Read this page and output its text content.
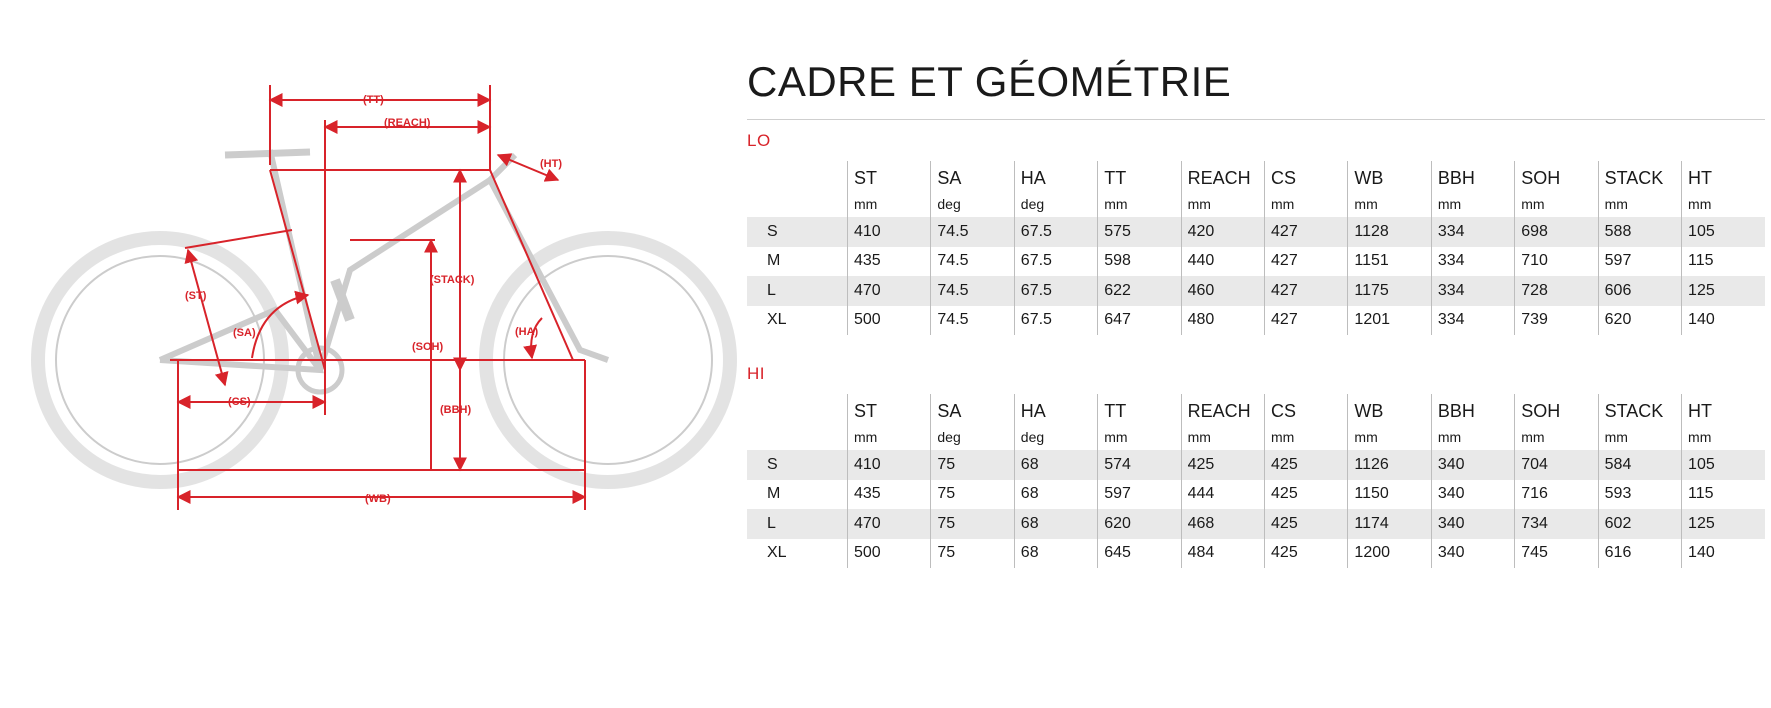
(TT)
(REACH)
(HT)
(STACK)
(ST)
(SA)
(SOH)
(HA)
(CS)
(BBH)
(WB)
CADRE ET GÉOMÉTRIE
LO
	ST	SA	HA	TT	REACH	CS	WB	BBH	SOH	STACK	HT
	mm	deg	deg	mm	mm	mm	mm	mm	mm	mm	mm
S	410	74.5	67.5	575	420	427	1128	334	698	588	105
M	435	74.5	67.5	598	440	427	1151	334	710	597	115
L	470	74.5	67.5	622	460	427	1175	334	728	606	125
XL	500	74.5	67.5	647	480	427	1201	334	739	620	140
HI
	ST	SA	HA	TT	REACH	CS	WB	BBH	SOH	STACK	HT
	mm	deg	deg	mm	mm	mm	mm	mm	mm	mm	mm
S	410	75	68	574	425	425	1126	340	704	584	105
M	435	75	68	597	444	425	1150	340	716	593	115
L	470	75	68	620	468	425	1174	340	734	602	125
XL	500	75	68	645	484	425	1200	340	745	616	140
